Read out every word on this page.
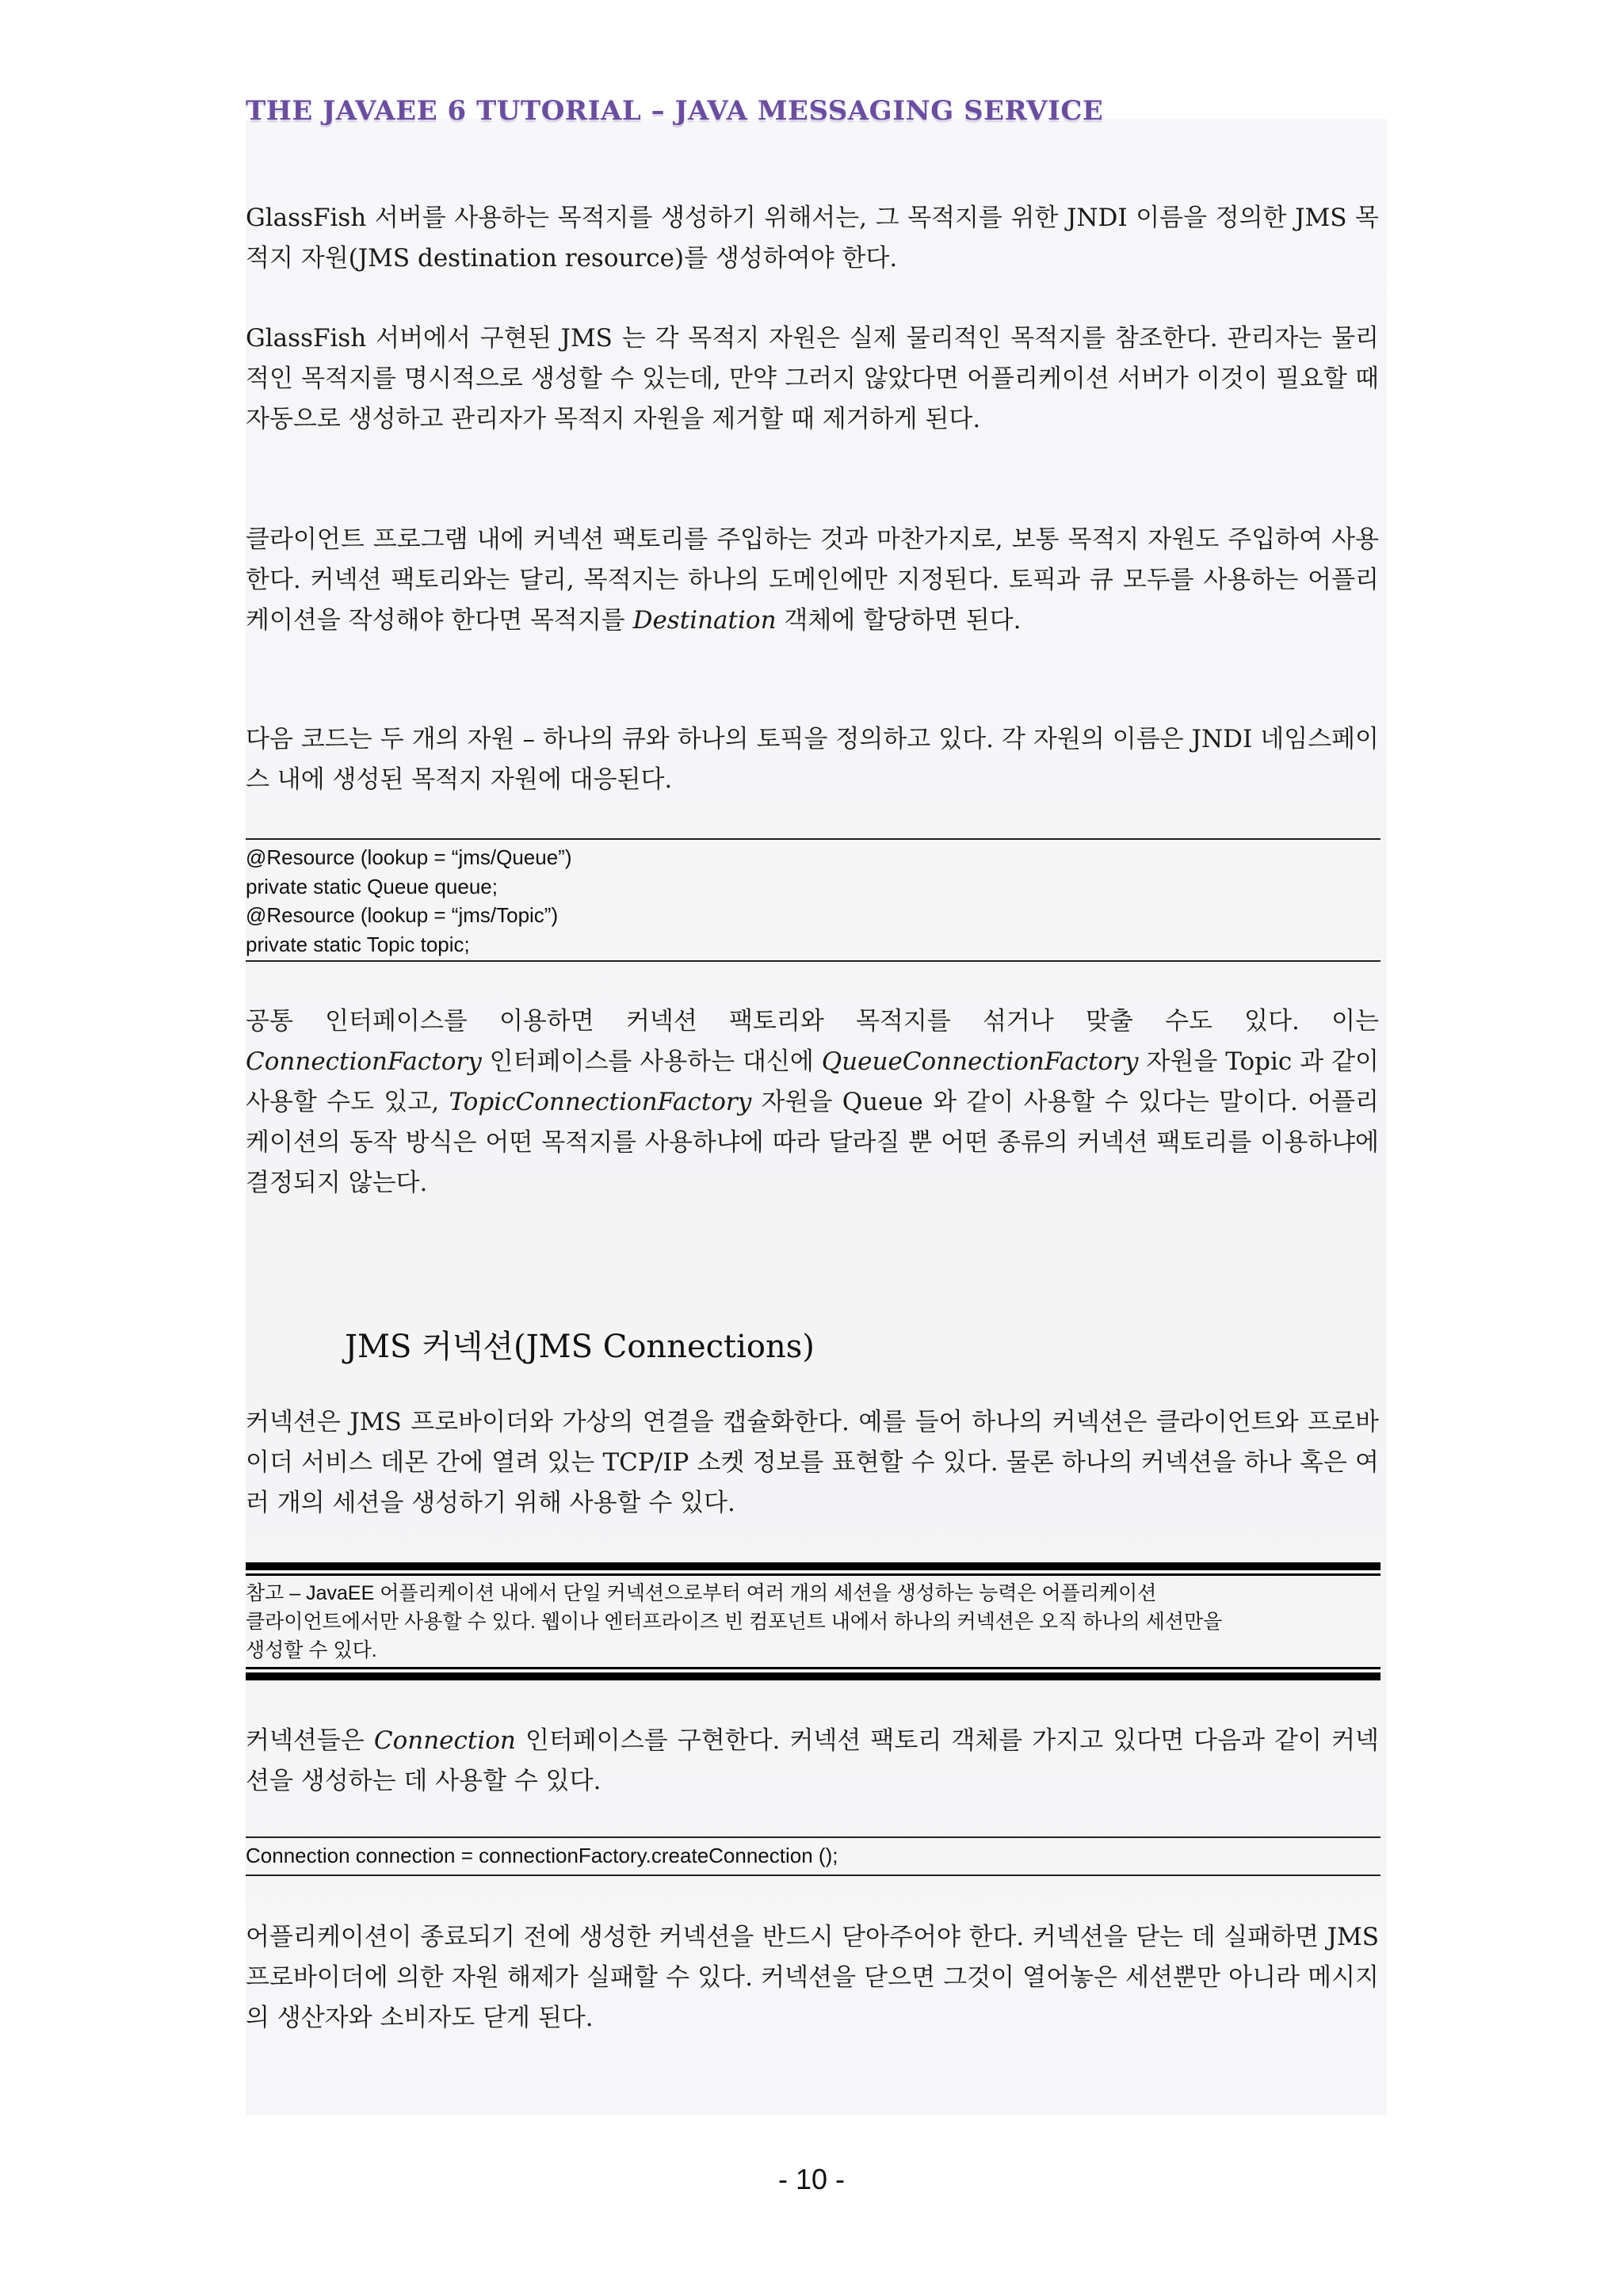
THE JAVAEE 6 TUTORIAL – JAVA MESSAGING SERVICE
GlassFish 서버를 사용하는 목적지를 생성하기 위해서는, 그 목적지를 위한 JNDI 이름을 정의한 JMS 목적지 자원(JMS destination resource)를 생성하여야 한다.
GlassFish 서버에서 구현된 JMS 는 각 목적지 자원은 실제 물리적인 목적지를 참조한다. 관리자는 물리적인 목적지를 명시적으로 생성할 수 있는데, 만약 그러지 않았다면 어플리케이션 서버가 이것이 필요할 때 자동으로 생성하고 관리자가 목적지 자원을 제거할 때 제거하게 된다.
클라이언트 프로그램 내에 커넥션 팩토리를 주입하는 것과 마찬가지로, 보통 목적지 자원도 주입하여 사용한다. 커넥션 팩토리와는 달리, 목적지는 하나의 도메인에만 지정된다. 토픽과 큐 모두를 사용하는 어플리케이션을 작성해야 한다면 목적지를 Destination 객체에 할당하면 된다.
다음 코드는 두 개의 자원 – 하나의 큐와 하나의 토픽을 정의하고 있다. 각 자원의 이름은 JNDI 네임스페이스 내에 생성된 목적지 자원에 대응된다.
@Resource (lookup = “jms/Queue”)
private static Queue queue;
@Resource (lookup = “jms/Topic”)
private static Topic topic;
공통 인터페이스를 이용하면 커넥션 팩토리와 목적지를 섞거나 맞출 수도 있다. 이는 ConnectionFactory 인터페이스를 사용하는 대신에 QueueConnectionFactory 자원을 Topic 과 같이 사용할 수도 있고, TopicConnectionFactory 자원을 Queue 와 같이 사용할 수 있다는 말이다. 어플리케이션의 동작 방식은 어떤 목적지를 사용하냐에 따라 달라질 뿐 어떤 종류의 커넥션 팩토리를 이용하냐에 결정되지 않는다.
JMS 커넥션(JMS Connections)
커넥션은 JMS 프로바이더와 가상의 연결을 캡슐화한다. 예를 들어 하나의 커넥션은 클라이언트와 프로바이더 서비스 데몬 간에 열려 있는 TCP/IP 소켓 정보를 표현할 수 있다. 물론 하나의 커넥션을 하나 혹은 여러 개의 세션을 생성하기 위해 사용할 수 있다.
참고 – JavaEE 어플리케이션 내에서 단일 커넥션으로부터 여러 개의 세션을 생성하는 능력은 어플리케이션
클라이언트에서만 사용할 수 있다. 웹이나 엔터프라이즈 빈 컴포넌트 내에서 하나의 커넥션은 오직 하나의 세션만을
생성할 수 있다.
커넥션들은 Connection 인터페이스를 구현한다. 커넥션 팩토리 객체를 가지고 있다면 다음과 같이 커넥션을 생성하는 데 사용할 수 있다.
Connection connection = connectionFactory.createConnection ();
어플리케이션이 종료되기 전에 생성한 커넥션을 반드시 닫아주어야 한다. 커넥션을 닫는 데 실패하면 JMS 프로바이더에 의한 자원 해제가 실패할 수 있다. 커넥션을 닫으면 그것이 열어놓은 세션뿐만 아니라 메시지의 생산자와 소비자도 닫게 된다.
- 10 -
